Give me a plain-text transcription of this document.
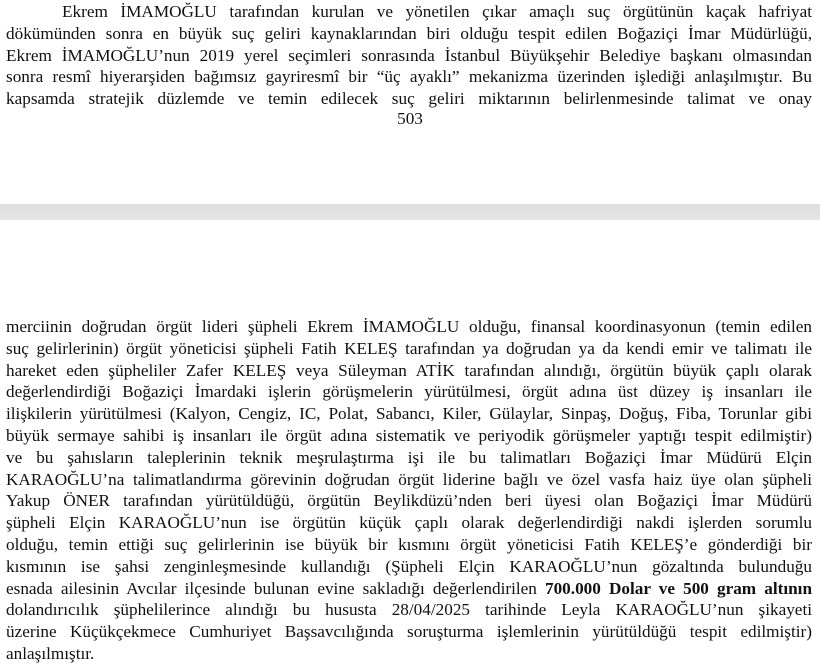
Ekrem İMAMOĞLU tarafından kurulan ve yönetilen çıkar amaçlı suç örgütünün kaçak hafriyat
dökümünden sonra en büyük suç geliri kaynaklarından biri olduğu tespit edilen Boğaziçi İmar Müdürlüğü,
Ekrem İMAMOĞLU’nun 2019 yerel seçimleri sonrasında İstanbul Büyükşehir Belediye başkanı olmasından
sonra resmî hiyerarşiden bağımsız gayriresmî bir “üç ayaklı” mekanizma üzerinden işlediği anlaşılmıştır. Bu
kapsamda stratejik düzlemde ve temin edilecek suç geliri miktarının belirlenmesinde talimat ve onay
503
merciinin doğrudan örgüt lideri şüpheli Ekrem İMAMOĞLU olduğu, finansal koordinasyonun (temin edilen
suç gelirlerinin) örgüt yöneticisi şüpheli Fatih KELEŞ tarafından ya doğrudan ya da kendi emir ve talimatı ile
hareket eden şüpheliler Zafer KELEŞ veya Süleyman ATİK tarafından alındığı, örgütün büyük çaplı olarak
değerlendirdiği Boğaziçi İmardaki işlerin görüşmelerin yürütülmesi, örgüt adına üst düzey iş insanları ile
ilişkilerin yürütülmesi (Kalyon, Cengiz, IC, Polat, Sabancı, Kiler, Gülaylar, Sinpaş, Doğuş, Fiba, Torunlar gibi
büyük sermaye sahibi iş insanları ile örgüt adına sistematik ve periyodik görüşmeler yaptığı tespit edilmiştir)
ve bu şahısların taleplerinin teknik meşrulaştırma işi ile bu talimatları Boğaziçi İmar Müdürü Elçin
KARAOĞLU’na talimatlandırma görevinin doğrudan örgüt liderine bağlı ve özel vasfa haiz üye olan şüpheli
Yakup ÖNER tarafından yürütüldüğü, örgütün Beylikdüzü’nden beri üyesi olan Boğaziçi İmar Müdürü
şüpheli Elçin KARAOĞLU’nun ise örgütün küçük çaplı olarak değerlendirdiği nakdi işlerden sorumlu
olduğu, temin ettiği suç gelirlerinin ise büyük bir kısmını örgüt yöneticisi Fatih KELEŞ’e gönderdiği bir
kısmının ise şahsi zenginleşmesinde kullandığı (Şüpheli Elçin KARAOĞLU’nun gözaltında bulunduğu
esnada ailesinin Avcılar ilçesinde bulunan evine sakladığı değerlendirilen 700.000 Dolar ve 500 gram altının
dolandırıcılık şüphelilerince alındığı bu hususta 28/04/2025 tarihinde Leyla KARAOĞLU’nun şikayeti
üzerine Küçükçekmece Cumhuriyet Başsavcılığında soruşturma işlemlerinin yürütüldüğü tespit edilmiştir)
anlaşılmıştır.
